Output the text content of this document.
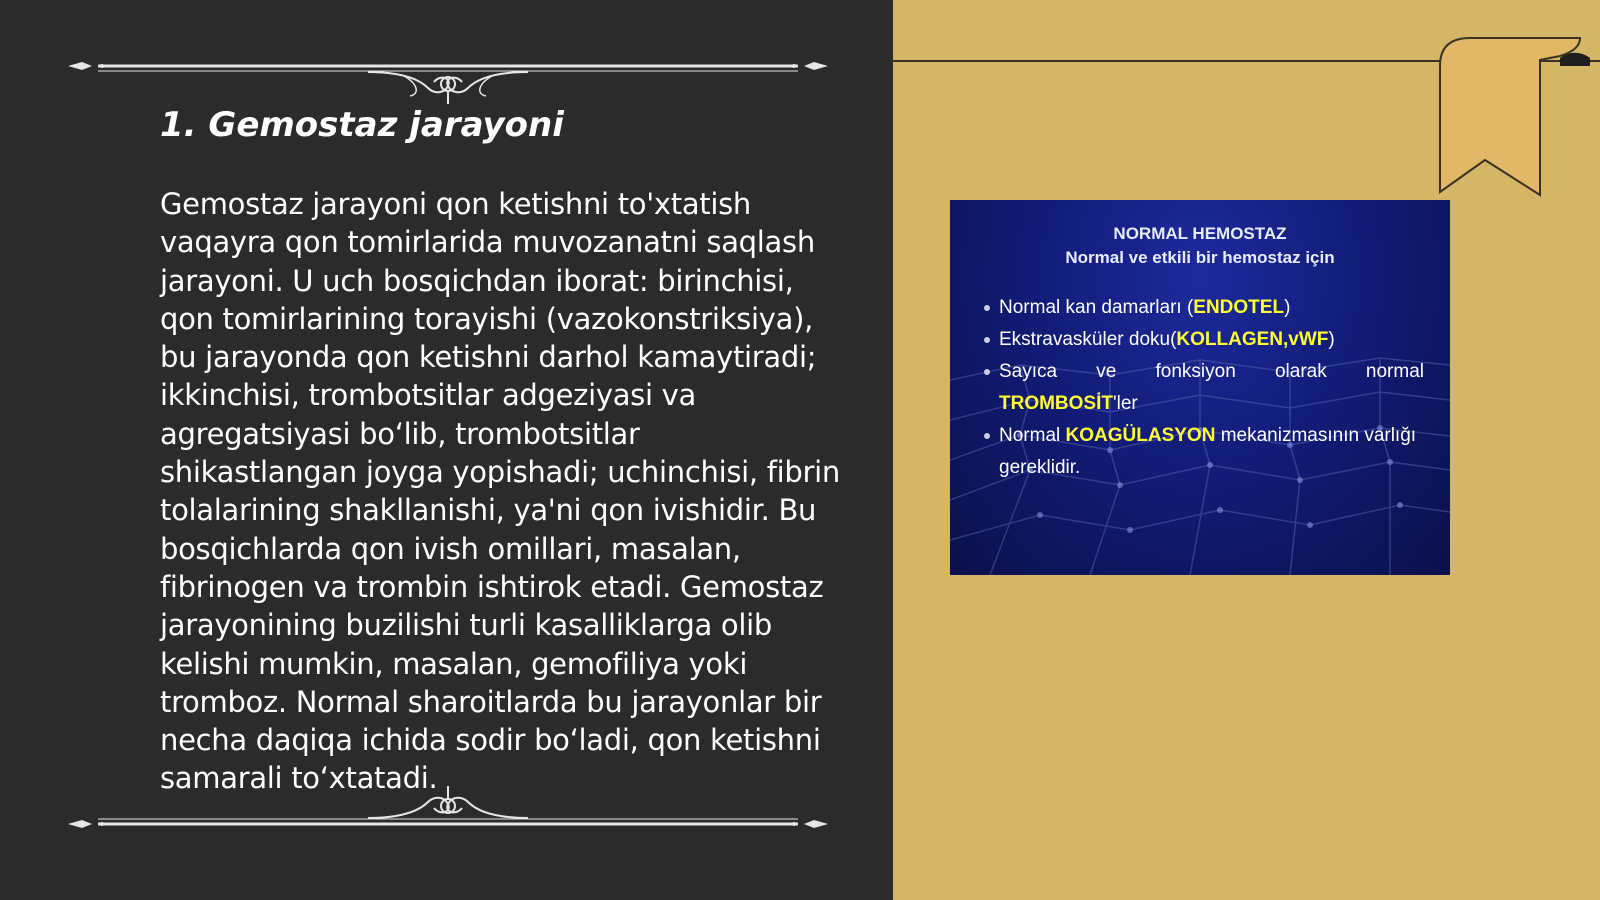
1. Gemostaz jarayoni

Gemostaz jarayoni qon ketishni to'xtatish vaqayra qon tomirlarida muvozanatni saqlash jarayoni. U uch bosqichdan iborat: birinchisi, qon tomirlarining torayishi (vazokonstriksiya), bu jarayonda qon ketishni darhol kamaytiradi; ikkinchisi, trombotsitlar adgeziyasi va agregatsiyasi bo‘lib, trombotsitlar shikastlangan joyga yopishadi; uchinchisi, fibrin tolalarining shakllanishi, ya'ni qon ivishidir. Bu bosqichlarda qon ivish omillari, masalan, fibrinogen va trombin ishtirok etadi. Gemostaz jarayonining buzilishi turli kasalliklarga olib kelishi mumkin, masalan, gemofiliya yoki tromboz. Normal sharoitlarda bu jarayonlar bir necha daqiqa ichida sodir bo‘ladi, qon ketishni samarali to‘xtatadi.

NORMAL HEMOSTAZ
Normal ve etkili bir hemostaz için
Normal kan damarları (ENDOTEL)
Ekstravasküler doku(KOLLAGEN,vWF)
Sayıca ve fonksiyon olarak normal
TROMBOSİT'ler
Normal KOAGÜLASYON mekanizmasının varlığı gereklidir.
